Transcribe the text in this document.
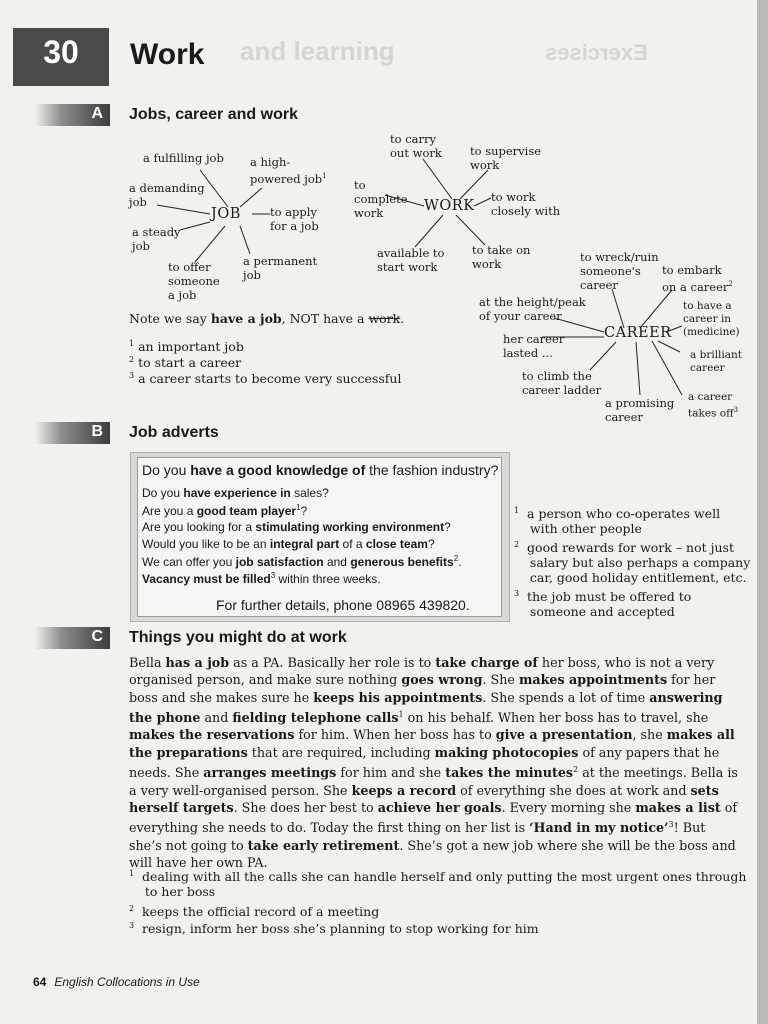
and learning	Exercises
30	Work
A Jobs, career and work
JOB
a fulfilling job a high-
powered job$^1$
a demanding
job
to apply
for a job
a steady
job
to offer
someone
a job
a permanent
job
WORK
to carry
out work to supervise
work
to
complete
work
to work
closely with
available to
start work
to take on
work
CAREER
to wreck/ruin
someone's
career
to embark
on a career$^2$
at the height/peak
of your career
to have a
career in
(medicine)
her career
lasted ...	a brilliant
career
to climb the
career ladder
a promising
career
a career
takes off$^3$
Note we say have a job, NOT have a work.
$^1$ an important job
$^2$ to start a career
$^3$ a career starts to become very successful
B Job adverts
Do you have a good knowledge of the fashion industry?
Do you have experience in sales?
Are you a good team player$^1$?
Are you looking for a stimulating working environment?
Would you like to be an integral part of a close team?
We can offer you job satisfaction and generous benefits$^2$.
Vacancy must be filled$^3$ within three weeks.
For further details, phone 08965 439820.
$^1$ a person who co-operates well
with other people
$^2$ good rewards for work – not just
salary but also perhaps a company
car, good holiday entitlement, etc.
$^3$ the job must be offered to
someone and accepted
C Things you might do at work

Bella has a job as a PA. Basically her role is to take charge of her boss, who is not a very organised person, and make sure nothing goes wrong. She makes appointments for her boss and she makes sure he keeps his appointments. She spends a lot of time answering the phone and fielding telephone calls$^1$ on his behalf. When her boss has to travel, she makes the reservations for him. When her boss has to give a presentation, she makes all the preparations that are required, including making photocopies of any papers that he needs. She arranges meetings for him and she takes the minutes$^2$ at the meetings. Bella is a very well-organised person. She keeps a record of everything she does at work and sets herself targets. She does her best to achieve her goals. Every morning she makes a list of everything she needs to do. Today the first thing on her list is ‘Hand in my notice’$^3$! But she’s not going to take early retirement. She’s got a new job where she will be the boss and will have her own PA.

$^1$ dealing with all the calls she can handle herself and only putting the most urgent ones through
to her boss
$^2$ keeps the official record of a meeting
$^3$ resign, inform her boss she’s planning to stop working for him
64 English Collocations in Use
